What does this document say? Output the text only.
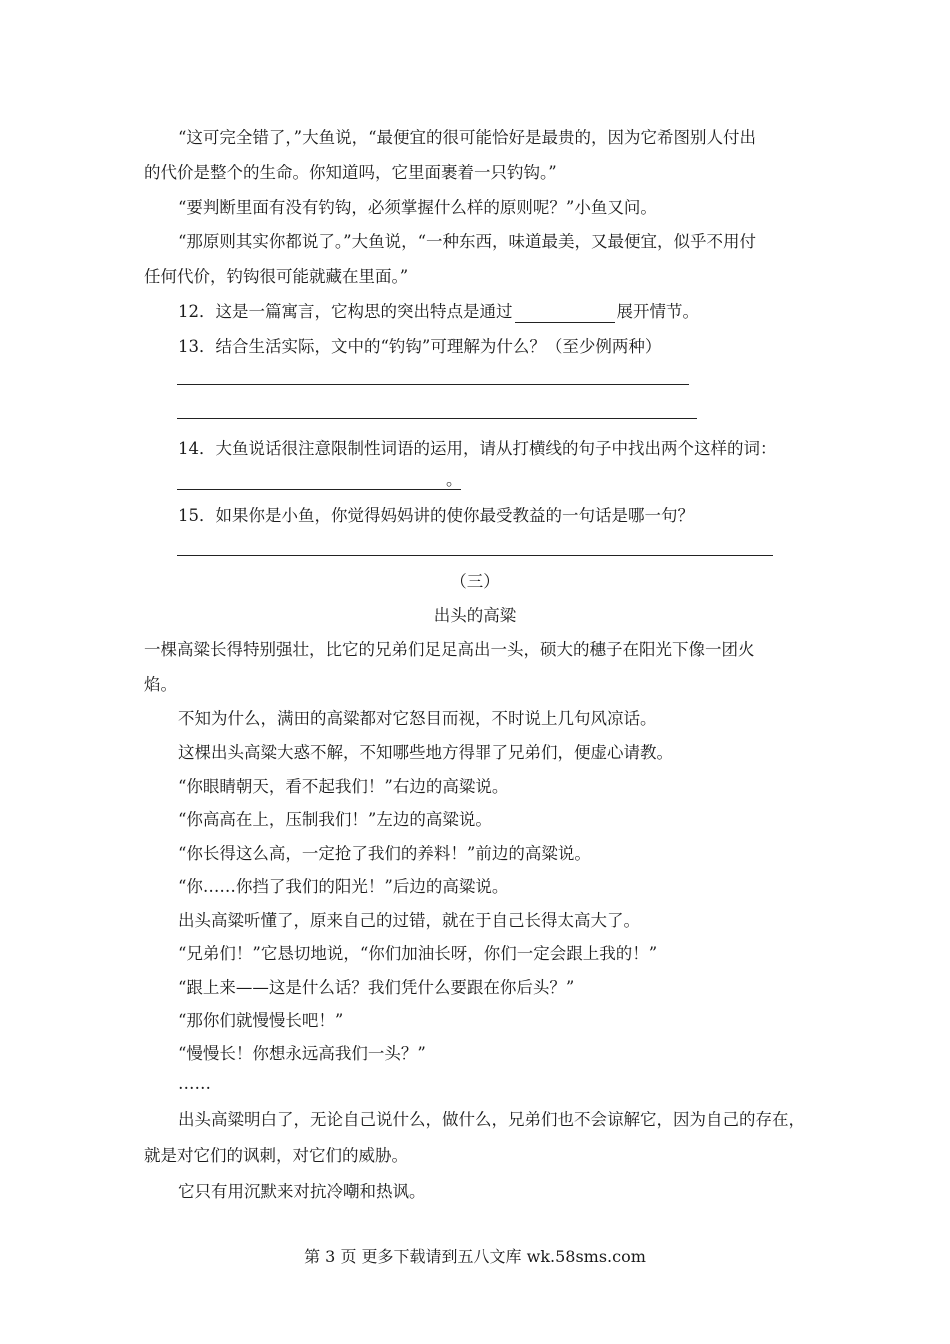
“这可完全错了，”大鱼说，“最便宜的很可能恰好是最贵的，因为它希图别人付出
的代价是整个的生命。你知道吗，它里面裹着一只钓钩。”
“要判断里面有没有钓钩，必须掌握什么样的原则呢？”小鱼又问。
“那原则其实你都说了。”大鱼说，“一种东西，味道最美，又最便宜，似乎不用付
任何代价，钓钩很可能就藏在里面。”
12．这是一篇寓言，它构思的突出特点是通过	展开情节。
13．结合生活实际，文中的“钓钩”可理解为什么？（至少例两种）
14．大鱼说话很注意限制性词语的运用，请从打横线的句子中找出两个这样的词：
。
15．如果你是小鱼，你觉得妈妈讲的使你最受教益的一句话是哪一句？
（三）
出头的高粱
一棵高粱长得特别强壮，比它的兄弟们足足高出一头，硕大的穗子在阳光下像一团火
焰。
不知为什么，满田的高粱都对它怒目而视，不时说上几句风凉话。
这棵出头高粱大惑不解，不知哪些地方得罪了兄弟们，便虚心请教。
“你眼睛朝天，看不起我们！”右边的高粱说。
“你高高在上，压制我们！”左边的高粱说。
“你长得这么高，一定抢了我们的养料！”前边的高粱说。
“你……你挡了我们的阳光！”后边的高粱说。
出头高粱听懂了，原来自己的过错，就在于自己长得太高大了。
“兄弟们！”它恳切地说，“你们加油长呀，你们一定会跟上我的！”
“跟上来——这是什么话？我们凭什么要跟在你后头？”
“那你们就慢慢长吧！”
“慢慢长！你想永远高我们一头？”
……
出头高粱明白了，无论自己说什么，做什么，兄弟们也不会谅解它，因为自己的存在，
就是对它们的讽刺，对它们的威胁。
它只有用沉默来对抗冷嘲和热讽。
第 3 页 更多下载请到五八文库 wk.58sms.com
